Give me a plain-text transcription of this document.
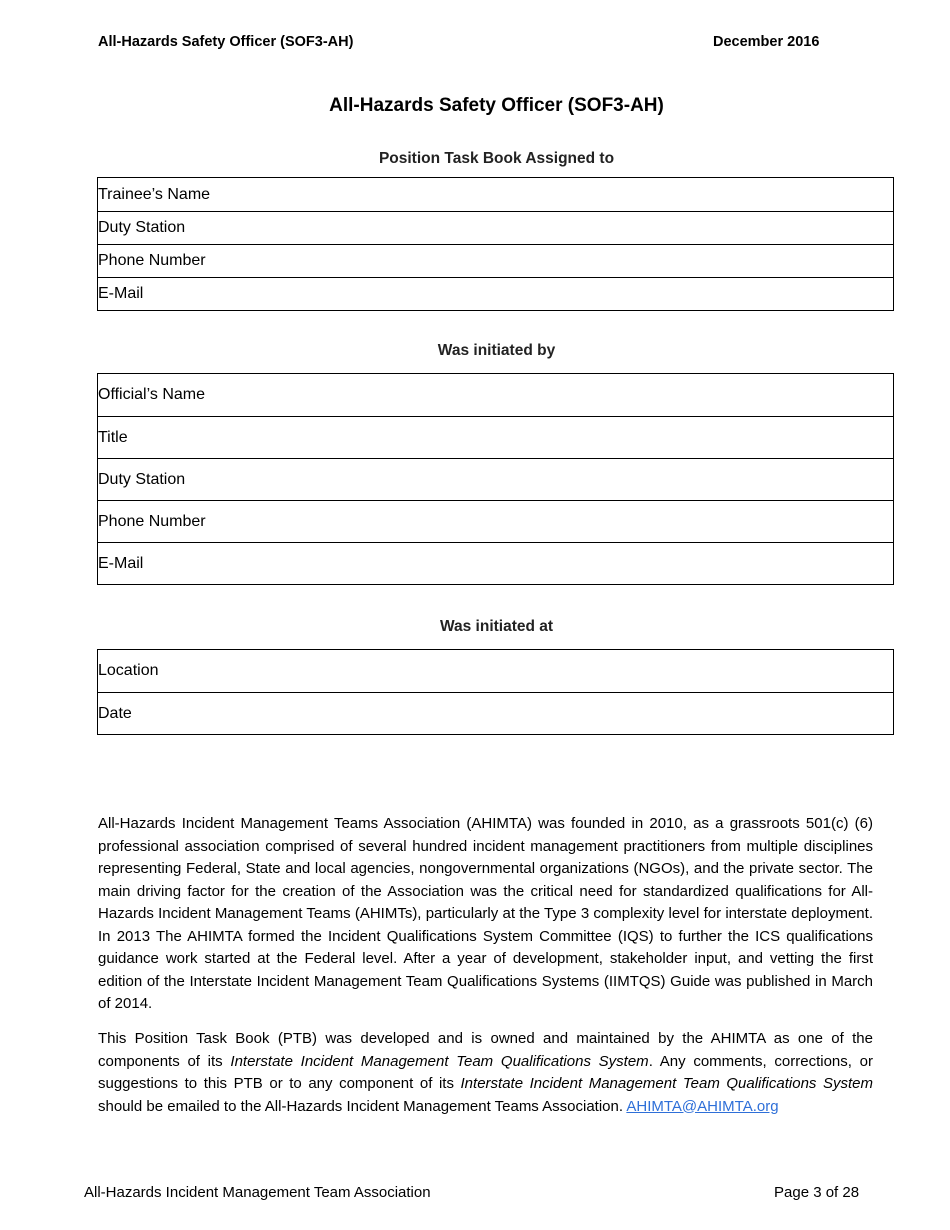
All-Hazards Safety Officer (SOF3-AH)	December 2016
All-Hazards Safety Officer (SOF3-AH)
Position Task Book Assigned to
Trainee’s Name
Duty Station
Phone Number
E-Mail
Was initiated by
Official’s Name
Title
Duty Station
Phone Number
E-Mail
Was initiated at
Location
Date
All-Hazards Incident Management Teams Association (AHIMTA) was founded in 2010, as a grassroots 501(c) (6) professional association comprised of several hundred incident management practitioners from multiple disciplines representing Federal, State and local agencies, nongovernmental organizations (NGOs), and the private sector. The main driving factor for the creation of the Association was the critical need for standardized qualifications for All-Hazards Incident Management Teams (AHIMTs), particularly at the Type 3 complexity level for interstate deployment. In 2013 The AHIMTA formed the Incident Qualifications System Committee (IQS) to further the ICS qualifications guidance work started at the Federal level. After a year of development, stakeholder input, and vetting the first edition of the Interstate Incident Management Team Qualifications Systems (IIMTQS) Guide was published in March of 2014.
This Position Task Book (PTB) was developed and is owned and maintained by the AHIMTA as one of the components of its Interstate Incident Management Team Qualifications System. Any comments, corrections, or suggestions to this PTB or to any component of its Interstate Incident Management Team Qualifications System should be emailed to the All-Hazards Incident Management Teams Association. AHIMTA@AHIMTA.org
All-Hazards Incident Management Team Association	Page 3 of 28
